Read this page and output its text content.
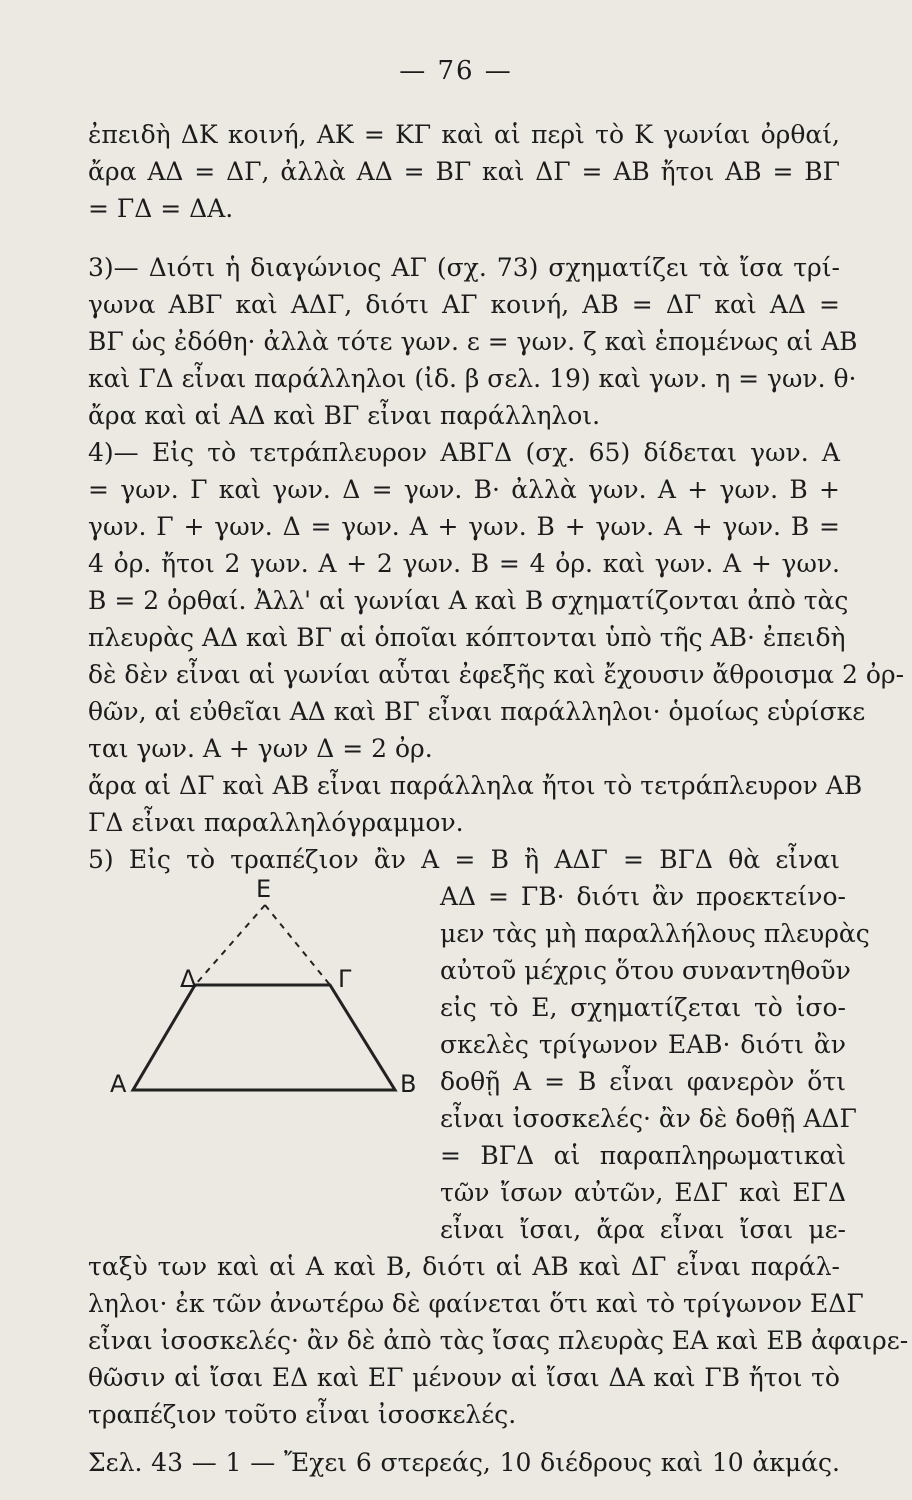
— 76 —
ἐπειδὴ ΔΚ κοινή, ΑΚ = ΚΓ καὶ αἱ περὶ τὸ Κ γωνίαι ὀρθαί,
ἄρα ΑΔ = ΔΓ, ἀλλὰ ΑΔ = ΒΓ καὶ ΔΓ = ΑΒ ἤτοι ΑΒ = ΒΓ
= ΓΔ = ΔΑ.
3)— Διότι ἡ διαγώνιος ΑΓ (σχ. 73) σχηματίζει τὰ ἴσα τρί-
γωνα ΑΒΓ καὶ ΑΔΓ, διότι ΑΓ κοινή, ΑΒ = ΔΓ καὶ ΑΔ =
ΒΓ ὡς ἐδόθη· ἀλλὰ τότε γων. ε = γων. ζ καὶ ἑπομένως αἱ ΑΒ
καὶ ΓΔ εἶναι παράλληλοι (ἰδ. β σελ. 19) καὶ γων. η = γων. θ·
ἄρα καὶ αἱ ΑΔ καὶ ΒΓ εἶναι παράλληλοι.
4)— Εἰς τὸ τετράπλευρον ΑΒΓΔ (σχ. 65) δίδεται γων. Α
= γων. Γ καὶ γων. Δ = γων. Β· ἀλλὰ γων. Α + γων. Β +
γων. Γ + γων. Δ = γων. Α + γων. Β + γων. Α + γων. Β =
4 ὀρ. ἤτοι 2 γων. Α + 2 γων. Β = 4 ὀρ. καὶ γων. Α + γων.
Β = 2 ὀρθαί. Ἀλλ' αἱ γωνίαι Α καὶ Β σχηματίζονται ἀπὸ τὰς
πλευρὰς ΑΔ καὶ ΒΓ αἱ ὁποῖαι κόπτονται ὑπὸ τῆς ΑΒ· ἐπειδὴ
δὲ δὲν εἶναι αἱ γωνίαι αὗται ἐφεξῆς καὶ ἔχουσιν ἄθροισμα 2 ὀρ-
θῶν, αἱ εὐθεῖαι ΑΔ καὶ ΒΓ εἶναι παράλληλοι· ὁμοίως εὑρίσκε
ται γων. Α + γων Δ = 2 ὀρ.
ἄρα αἱ ΔΓ καὶ ΑΒ εἶναι παράλληλα ἤτοι τὸ τετράπλευρον ΑΒ
ΓΔ εἶναι παραλληλόγραμμον.
5) Εἰς τὸ τραπέζιον ἂν Α = Β ἢ ΑΔΓ = ΒΓΔ θὰ εἶναι
ΑΔ = ΓΒ· διότι ἂν προεκτείνο-
μεν τὰς μὴ παραλλήλους πλευρὰς
αὐτοῦ μέχρις ὅτου συναντηθοῦν
εἰς τὸ Ε, σχηματίζεται τὸ ἰσο-
σκελὲς τρίγωνον ΕΑΒ· διότι ἂν
δοθῇ Α = Β εἶναι φανερὸν ὅτι
εἶναι ἰσοσκελές· ἂν δὲ δοθῇ ΑΔΓ
= ΒΓΔ αἱ παραπληρωματικαὶ
τῶν ἴσων αὐτῶν, ΕΔΓ καὶ ΕΓΔ
εἶναι ἴσαι, ἄρα εἶναι ἴσαι με-
ταξὺ των καὶ αἱ Α καὶ Β, διότι αἱ ΑΒ καὶ ΔΓ εἶναι παράλ-
ληλοι· ἐκ τῶν ἀνωτέρω δὲ φαίνεται ὅτι καὶ τὸ τρίγωνον ΕΔΓ
εἶναι ἰσοσκελές· ἂν δὲ ἀπὸ τὰς ἴσας πλευρὰς ΕΑ καὶ ΕΒ ἀφαιρε-
θῶσιν αἱ ἴσαι ΕΔ καὶ ΕΓ μένουν αἱ ἴσαι ΔΑ καὶ ΓΒ ἤτοι τὸ
τραπέζιον τοῦτο εἶναι ἰσοσκελές.
Σελ. 43 — 1 — Ἔχει 6 στερεάς, 10 διέδρους καὶ 10 ἀκμάς.
E
Δ	Γ
A	B
